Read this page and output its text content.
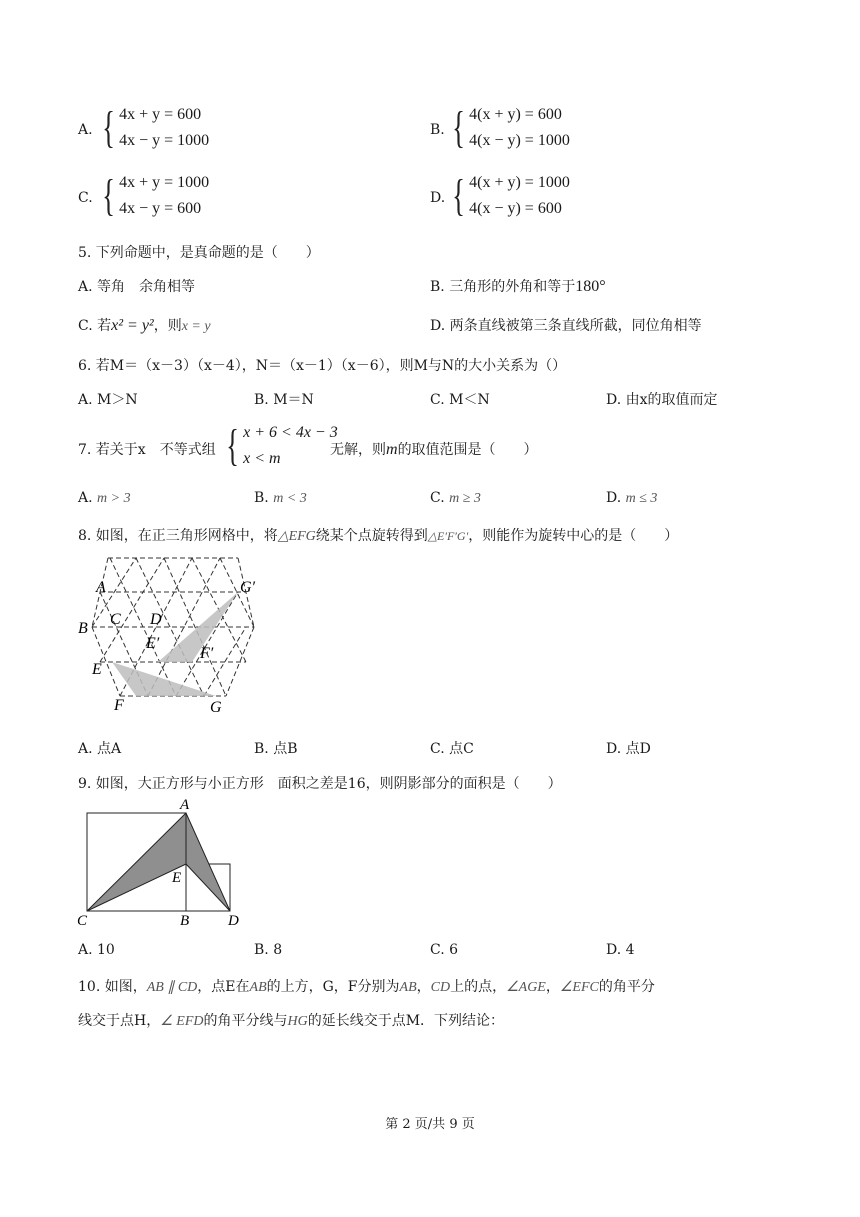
A. { 4x + y = 600
4x − y = 1000
B. { 4(x + y) = 600
4(x − y) = 1000
C. { 4x + y = 1000
4x − y = 600
D. { 4(x + y) = 1000
4(x − y) = 600
5. 下列命题中，是真命题的是（　　）
A. 等角　余角相等	B. 三角形的外角和等于180°
C. 若x² = y²，则x = y	D. 两条直线被第三条直线所截，同位角相等
6. 若M＝（x－3）（x－4），N＝（x－1）（x－6），则M与N的大小关系为（）
A. M＞N	B. M＝N	C. M＜N	D. 由x的取值而定
7. 若关于x　不等式组 { x + 6 < 4x − 3
x < m	无解，则m的取值范围是（　　）
A. m > 3	B. m < 3	C. m ≥ 3	D. m ≤ 3
8. 如图，在正三角形网格中，将△EFG绕某个点旋转得到△E′F′G′，则能作为旋转中心的是（　　）
A
B
C D
E′
F′
G′
E
F	G
A. 点A	B. 点B	C. 点C	D. 点D
9. 如图，大正方形与小正方形　面积之差是16，则阴影部分的面积是（　　）
A
B
C	D
E
A. 10	B. 8	C. 6	D. 4
10. 如图，AB ∥ CD，点E在AB的上方，G，F分别为AB，CD上的点，∠AGE，∠EFC的角平分
线交于点H，∠ EFD的角平分线与HG的延长线交于点M．下列结论：
第 2 页/共 9 页
